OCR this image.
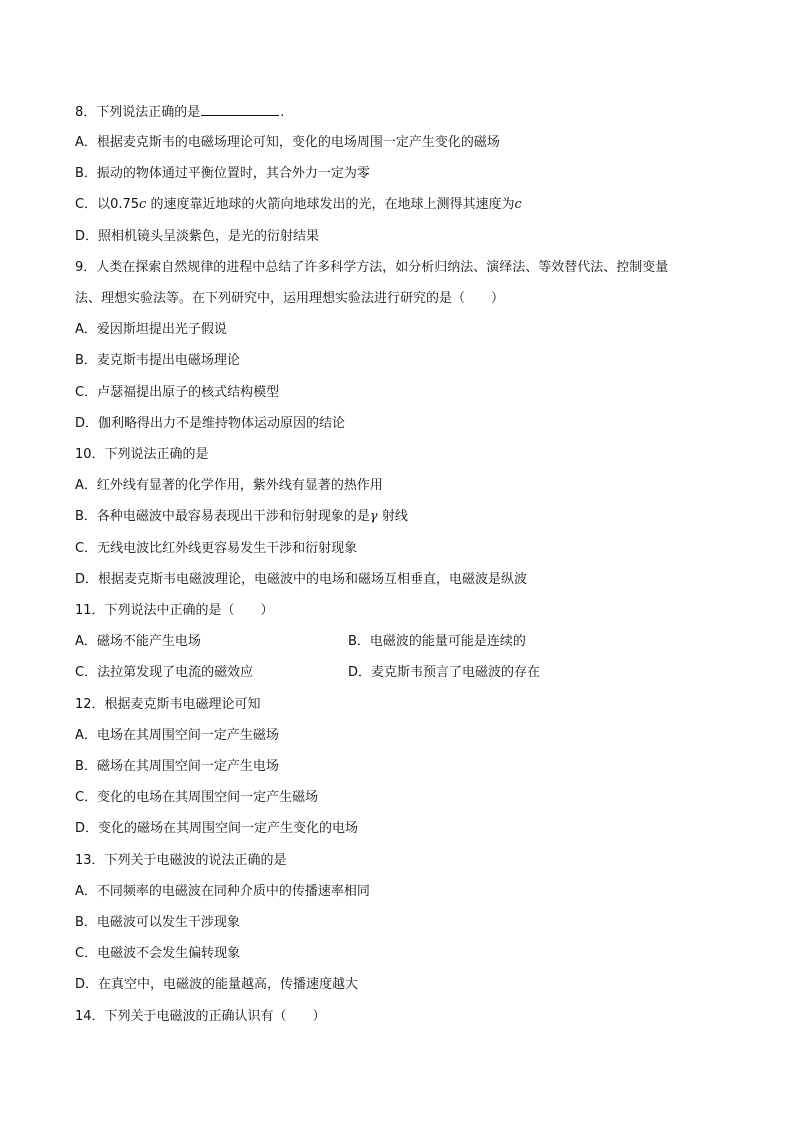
8．下列说法正确的是	.
A．根据麦克斯韦的电磁场理论可知，变化的电场周围一定产生变化的磁场
B．振动的物体通过平衡位置时，其合外力一定为零
C．以0.75c 的速度靠近地球的火箭向地球发出的光，在地球上测得其速度为c
D．照相机镜头呈淡紫色，是光的衍射结果
9．人类在探索自然规律的进程中总结了许多科学方法，如分析归纳法、演绎法、等效替代法、控制变量
法、理想实验法等。在下列研究中，运用理想实验法进行研究的是（　　）
A．爱因斯坦提出光子假说
B．麦克斯韦提出电磁场理论
C．卢瑟福提出原子的核式结构模型
D．伽利略得出力不是维持物体运动原因的结论
10．下列说法正确的是
A．红外线有显著的化学作用，紫外线有显著的热作用
B．各种电磁波中最容易表现出干涉和衍射现象的是γ 射线
C．无线电波比红外线更容易发生干涉和衍射现象
D．根据麦克斯韦电磁波理论，电磁波中的电场和磁场互相垂直，电磁波是纵波
11．下列说法中正确的是（　　）
A．磁场不能产生电场	B．电磁波的能量可能是连续的
C．法拉第发现了电流的磁效应	D．麦克斯韦预言了电磁波的存在
12．根据麦克斯韦电磁理论可知
A．电场在其周围空间一定产生磁场
B．磁场在其周围空间一定产生电场
C．变化的电场在其周围空间一定产生磁场
D．变化的磁场在其周围空间一定产生变化的电场
13．下列关于电磁波的说法正确的是
A．不同频率的电磁波在同种介质中的传播速率相同
B．电磁波可以发生干涉现象
C．电磁波不会发生偏转现象
D．在真空中，电磁波的能量越高，传播速度越大
14．下列关于电磁波的正确认识有（　　）
